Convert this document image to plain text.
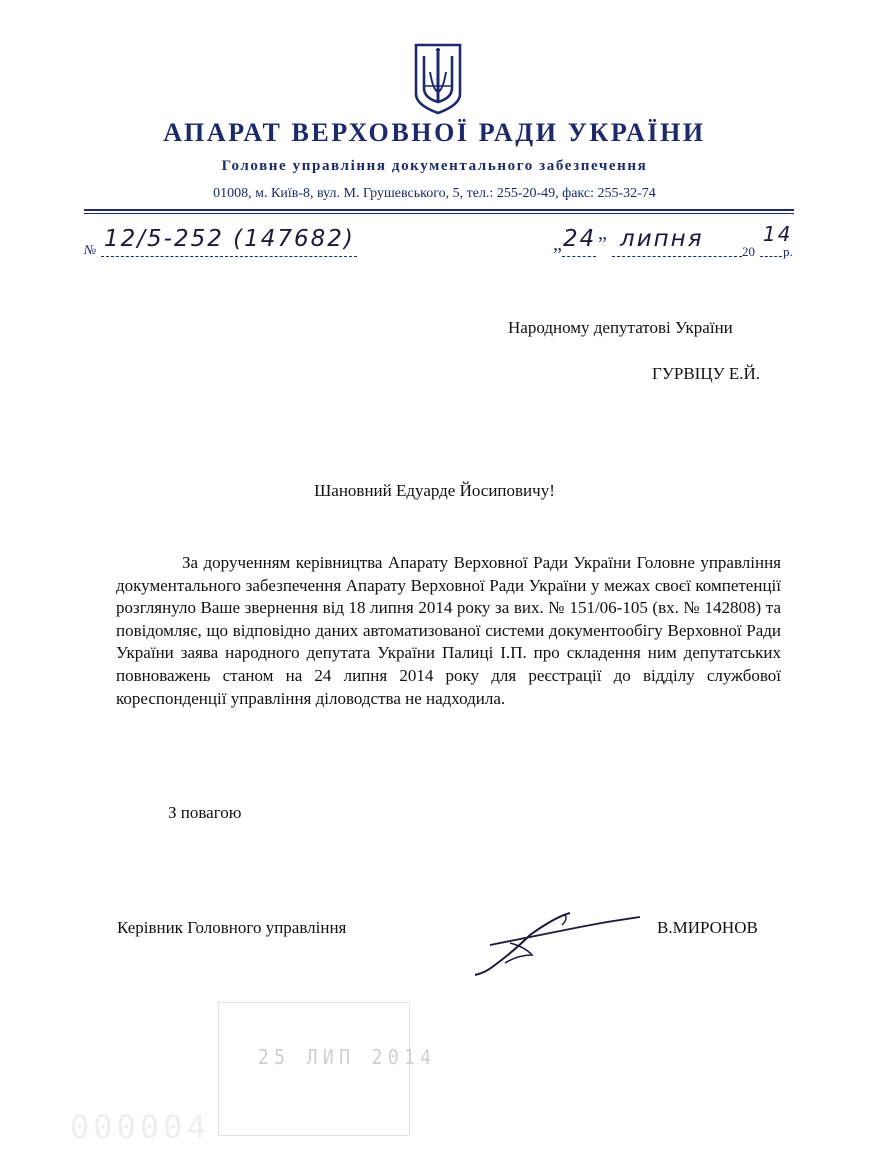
АПАРАТ ВЕРХОВНОЇ РАДИ УКРАЇНИ
Головне управління документального забезпечення
01008, м. Київ-8, вул. М. Грушевського, 5, тел.: 255-20-49, факс: 255-32-74
№ 12/5-252 (147682)	„ 24 ” липня	20
14
р.
Народному депутатові України
ГУРВІЦУ Е.Й.
Шановний Едуарде Йосиповичу!
За дорученням керівництва Апарату Верховної Ради України Головне управління документального забезпечення Апарату Верховної Ради України у межах своєї компетенції розглянуло Ваше звернення від 18 липня 2014 року за вих. № 151/06-105 (вх. № 142808) та повідомляє, що відповідно даних автоматизованої системи документообігу Верховної Ради України заява народного депутата України Палиці І.П. про складення ним депутатських повноважень станом на 24 липня 2014 року для реєстрації до відділу службової кореспонденції управління діловодства не надходила.
З повагою
Керівник Головного управління	В.МИРОНОВ
25 ЛИП 2014
000004
